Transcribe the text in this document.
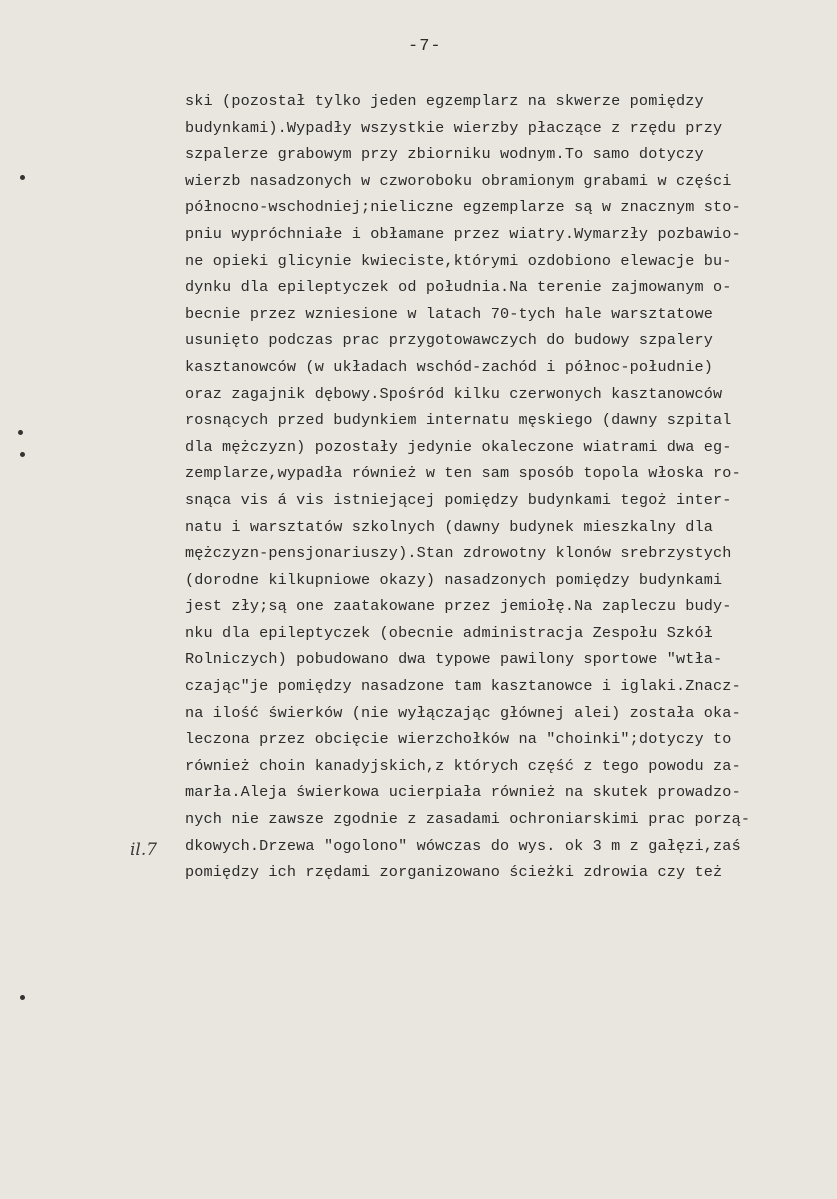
-7-
il.7
ski (pozostał tylko jeden egzemplarz na skwerze pomiędzy
budynkami).Wypadły wszystkie wierzby płaczące z rzędu przy
szpalerze grabowym przy zbiorniku wodnym.To samo dotyczy
wierzb nasadzonych w czworoboku obramionym grabami w części
północno-wschodniej;nieliczne egzemplarze są w znacznym sto-
pniu wypróchniałe i obłamane przez wiatry.Wymarzły pozbawio-
ne opieki glicynie kwieciste,którymi ozdobiono elewacje bu-
dynku dla epileptyczek od południa.Na terenie zajmowanym o-
becnie przez wzniesione w latach 70-tych hale warsztatowe
usunięto podczas prac przygotowawczych do budowy szpalery
kasztanowców (w układach wschód-zachód i północ-południe)
oraz zagajnik dębowy.Spośród kilku czerwonych kasztanowców
rosnących przed budynkiem internatu męskiego (dawny szpital
dla mężczyzn) pozostały jedynie okaleczone wiatrami dwa eg-
zemplarze,wypadła również w ten sam sposób topola włoska ro-
snąca vis á vis istniejącej pomiędzy budynkami tegoż inter-
natu i warsztatów szkolnych (dawny budynek mieszkalny dla
mężczyzn-pensjonariuszy).Stan zdrowotny klonów srebrzystych
(dorodne kilkupniowe okazy) nasadzonych pomiędzy budynkami
jest zły;są one zaatakowane przez jemiołę.Na zapleczu budy-
nku dla epileptyczek (obecnie administracja Zespołu Szkół
Rolniczych) pobudowano dwa typowe pawilony sportowe "wtła-
czając"je pomiędzy nasadzone tam kasztanowce i iglaki.Znacz-
na ilość świerków (nie wyłączając głównej alei) została oka-
leczona przez obcięcie wierzchołków na "choinki";dotyczy to
również choin kanadyjskich,z których część z tego powodu za-
marła.Aleja świerkowa ucierpiała również na skutek prowadzo-
nych nie zawsze zgodnie z zasadami ochroniarskimi prac porzą-
dkowych.Drzewa "ogolono" wówczas do wys. ok 3 m z gałęzi,zaś
pomiędzy ich rzędami zorganizowano ścieżki zdrowia czy też
